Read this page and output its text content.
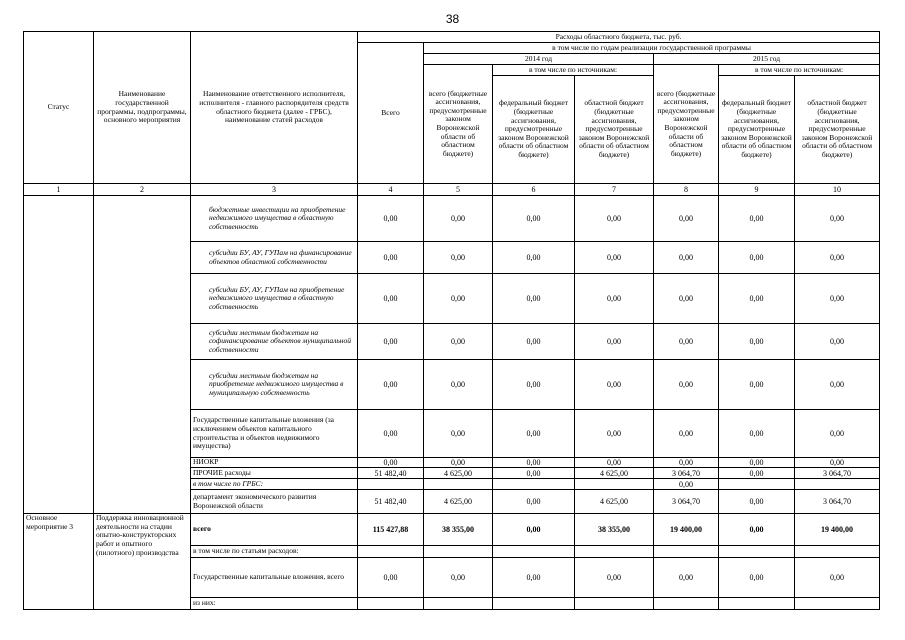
38
Статус	Наименование государственной программы, подпрограммы, основного мероприятия	Наименование ответственного исполнителя, исполнителя - главного распорядителя средств областного бюджета (далее - ГРБС), наименование статей расходов	Расходы областного бюджета, тыс. руб.						
			Всего	в том числе по годам реализации государственной программы					
				2014 год			2015 год		
				всего (бюджетные ассигнования, предусмотренные законом Воронежской области об областном бюджете)	в том числе по источникам:		всего (бюджетные ассигнования, предусмотренные законом Воронежской области об областном бюджете)	в том числе по источникам:	
					федеральный бюджет (бюджетные ассигнования, предусмотренные законом Воронежской области об областном бюджете)	областной бюджет (бюджетные ассигнования, предусмотренные законом Воронежской области об областном бюджете)		федеральный бюджет (бюджетные ассигнования, предусмотренные законом Воронежской области об областном бюджете)	областной бюджет (бюджетные ассигнования, предусмотренные законом Воронежской области об областном бюджете)
1	2	3	4	5	6	7	8	9	10
		бюджетные инвестиции на приобретение недвижимого имущества в областную собственность	0,00	0,00	0,00	0,00	0,00	0,00	0,00
		субсидии БУ, АУ, ГУПам на финансирование объектов областной собственности	0,00	0,00	0,00	0,00	0,00	0,00	0,00
		субсидии БУ, АУ, ГУПам на приобретение недвижимого имущества в областную собственность	0,00	0,00	0,00	0,00	0,00	0,00	0,00
		субсидии местным бюджетам на софинансирование объектов муниципальной собственности	0,00	0,00	0,00	0,00	0,00	0,00	0,00
		субсидии местным бюджетам на приобретение недвижимого имущества в муниципальную собственность	0,00	0,00	0,00	0,00	0,00	0,00	0,00
		Государственные капитальные вложения (за исключением объектов капитального строительства и объектов недвижимого имущества)	0,00	0,00	0,00	0,00	0,00	0,00	0,00
		НИОКР	0,00	0,00	0,00	0,00	0,00	0,00	0,00
		ПРОЧИЕ расходы	51 482,40	4 625,00	0,00	4 625,00	3 064,70	0,00	3 064,70
		в том числе по ГРБС:					0,00		
		департамент экономического развития Воронежской области	51 482,40	4 625,00	0,00	4 625,00	3 064,70	0,00	3 064,70
Основное мероприятие 3	Поддержка инновационной деятельности на стадии опытно-конструкторских работ и опытного (пилотного) производства	всего	115 427,88	38 355,00	0,00	38 355,00	19 400,00	0,00	19 400,00
		в том числе по статьям расходов:							
		Государственные капитальные вложения, всего	0,00	0,00	0,00	0,00	0,00	0,00	0,00
		из них:							
